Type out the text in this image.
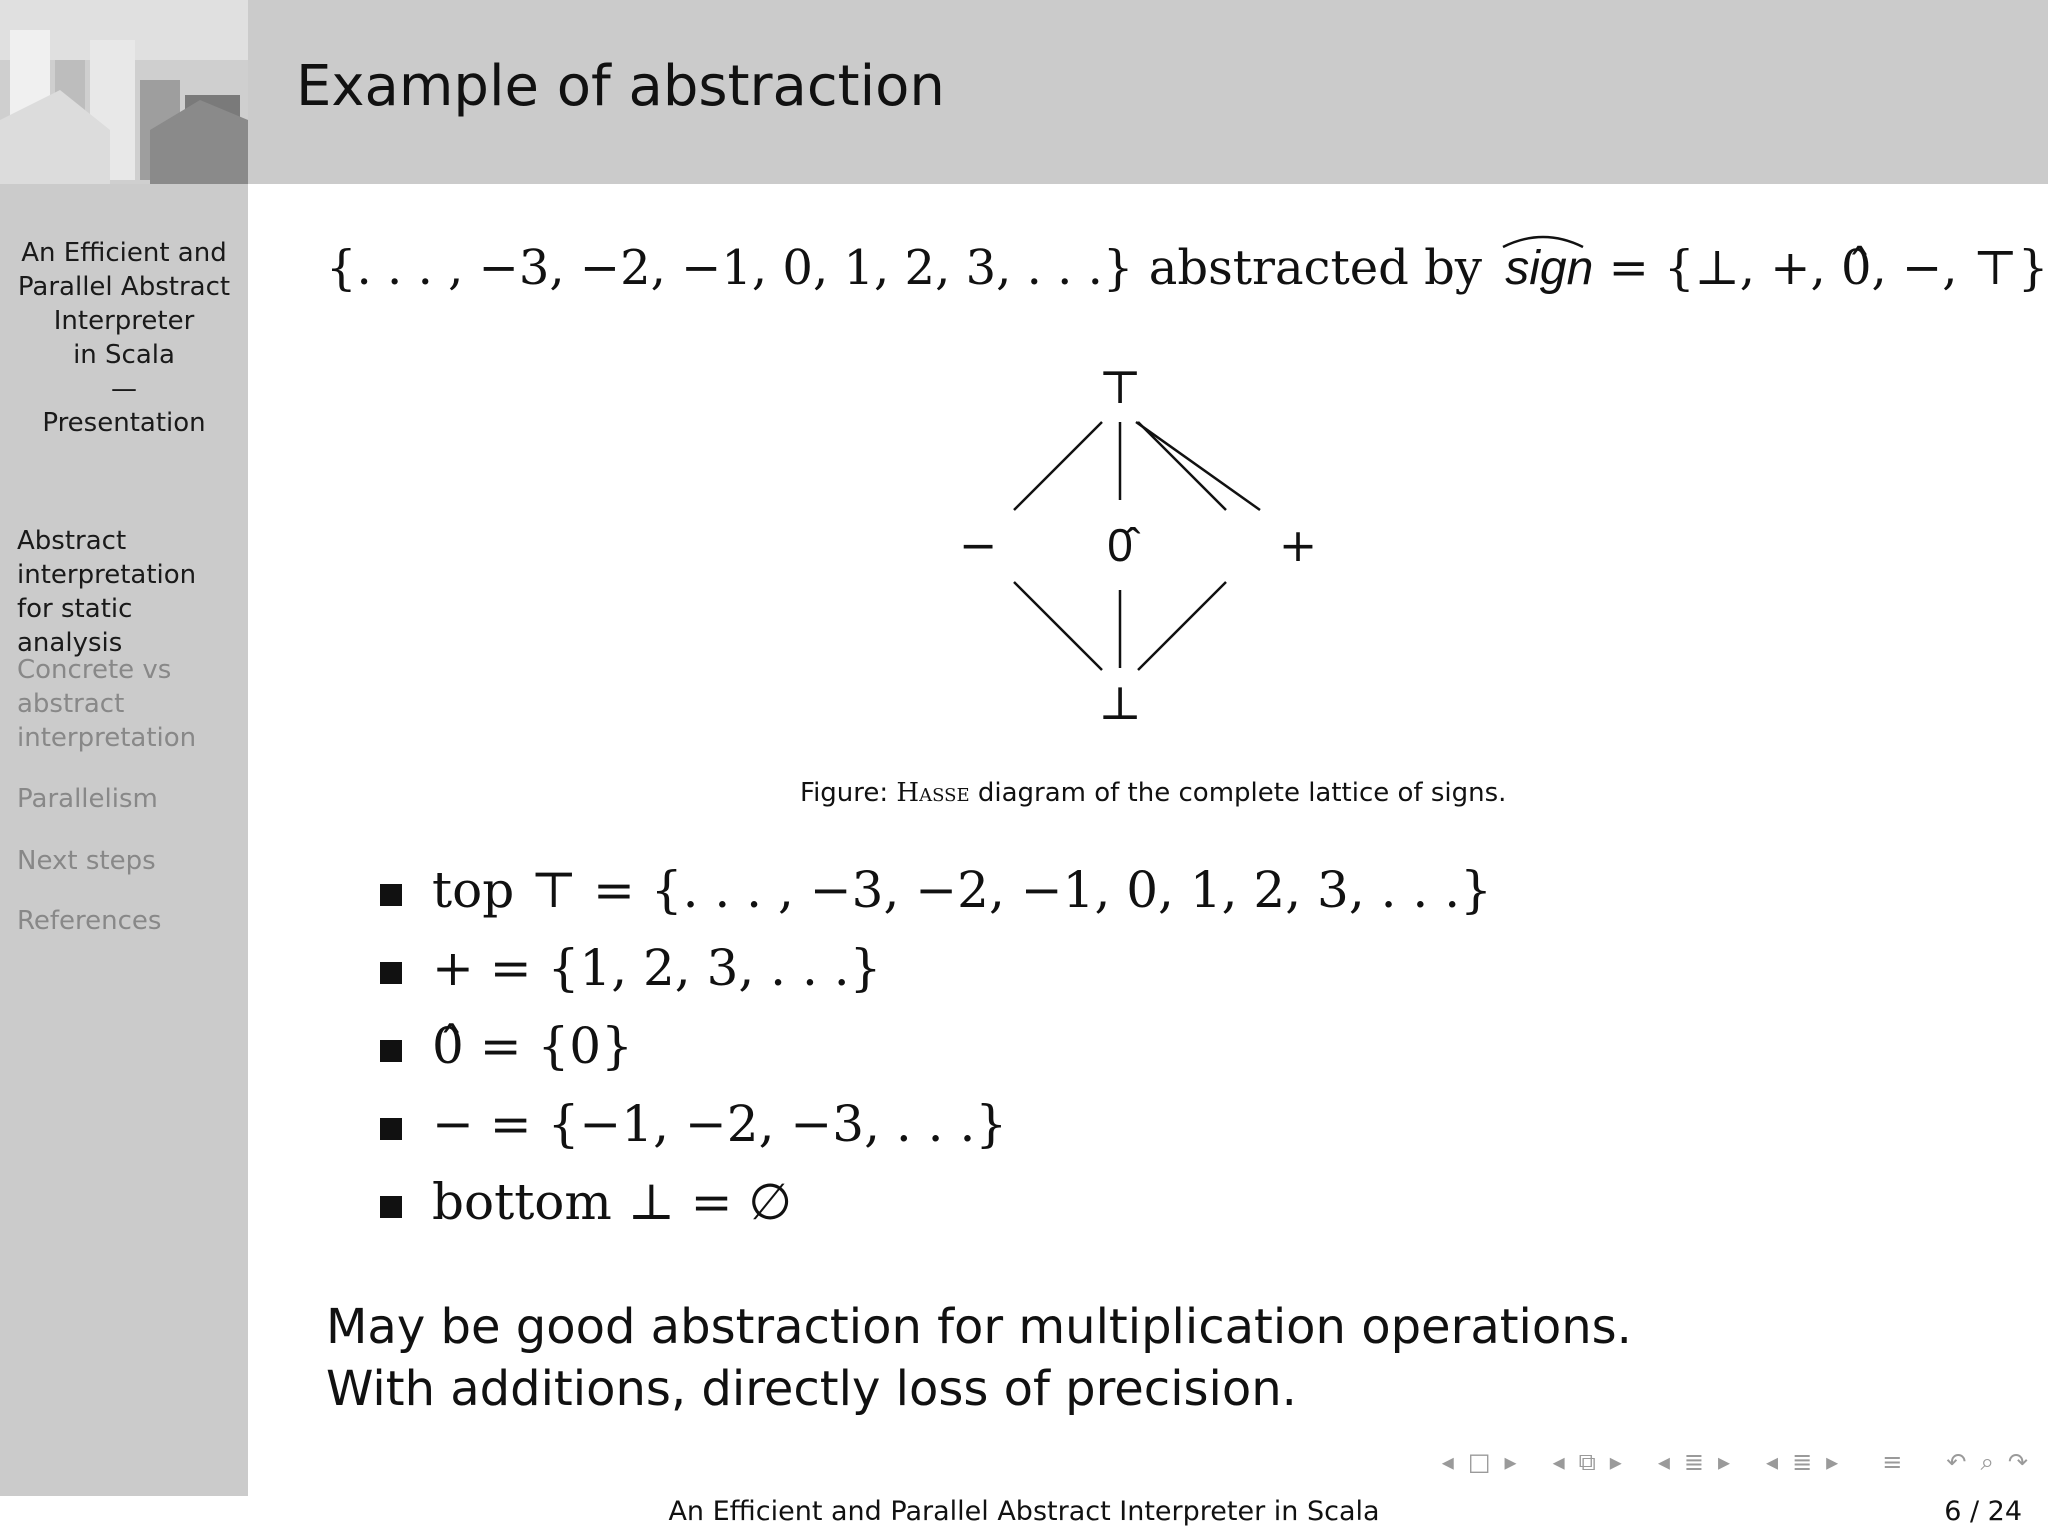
Example of abstraction
An Efficient and
Parallel Abstract
Interpreter
in Scala
—
Presentation
Abstract interpretation for static analysis
Concrete vs abstract interpretation
Parallelism
Next steps
References
{. . . , −3, −2, −1, 0, 1, 2, 3, . . .} abstracted by sign = {⊥, +, 0̂, −, ⊤}
⊤
− 0̂	+
⊥
Figure: Hasse diagram of the complete lattice of signs.
top ⊤ = {. . . , −3, −2, −1, 0, 1, 2, 3, . . .}
+ = {1, 2, 3, . . .}
0̂ = {0}
− = {−1, −2, −3, . . .}
bottom ⊥ = ∅
May be good abstraction for multiplication operations.
With additions, directly loss of precision.
◂ □ ▸ ◂ ⧉ ▸ ◂ ≣ ▸ ◂ ≣ ▸ ≡ ↶ ⌕ ↷
An Efficient and Parallel Abstract Interpreter in Scala	6 / 24
